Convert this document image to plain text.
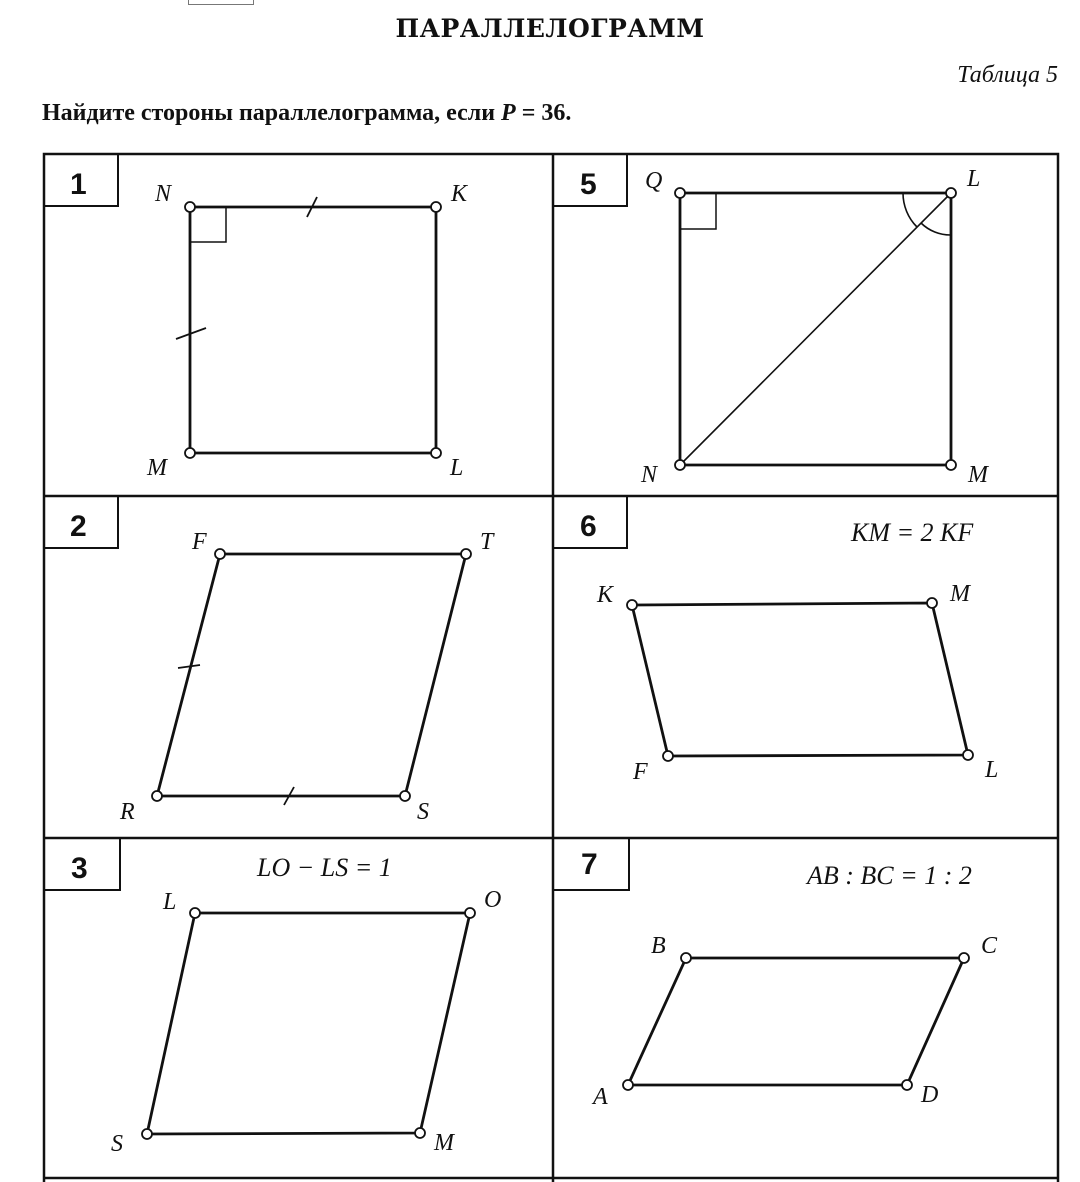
ПАРАЛЛЕЛОГРАММ
Таблица 5
Найдите стороны параллелограмма, если P = 36.
1	5
2	6
3	7
KM = 2 KF
LO − LS = 1	AB : BC = 1 : 2
N	K
M	L
Q	L
N	M
F	T
R	S
K	M
F	L
L	O
S	M
B	C
A	D
